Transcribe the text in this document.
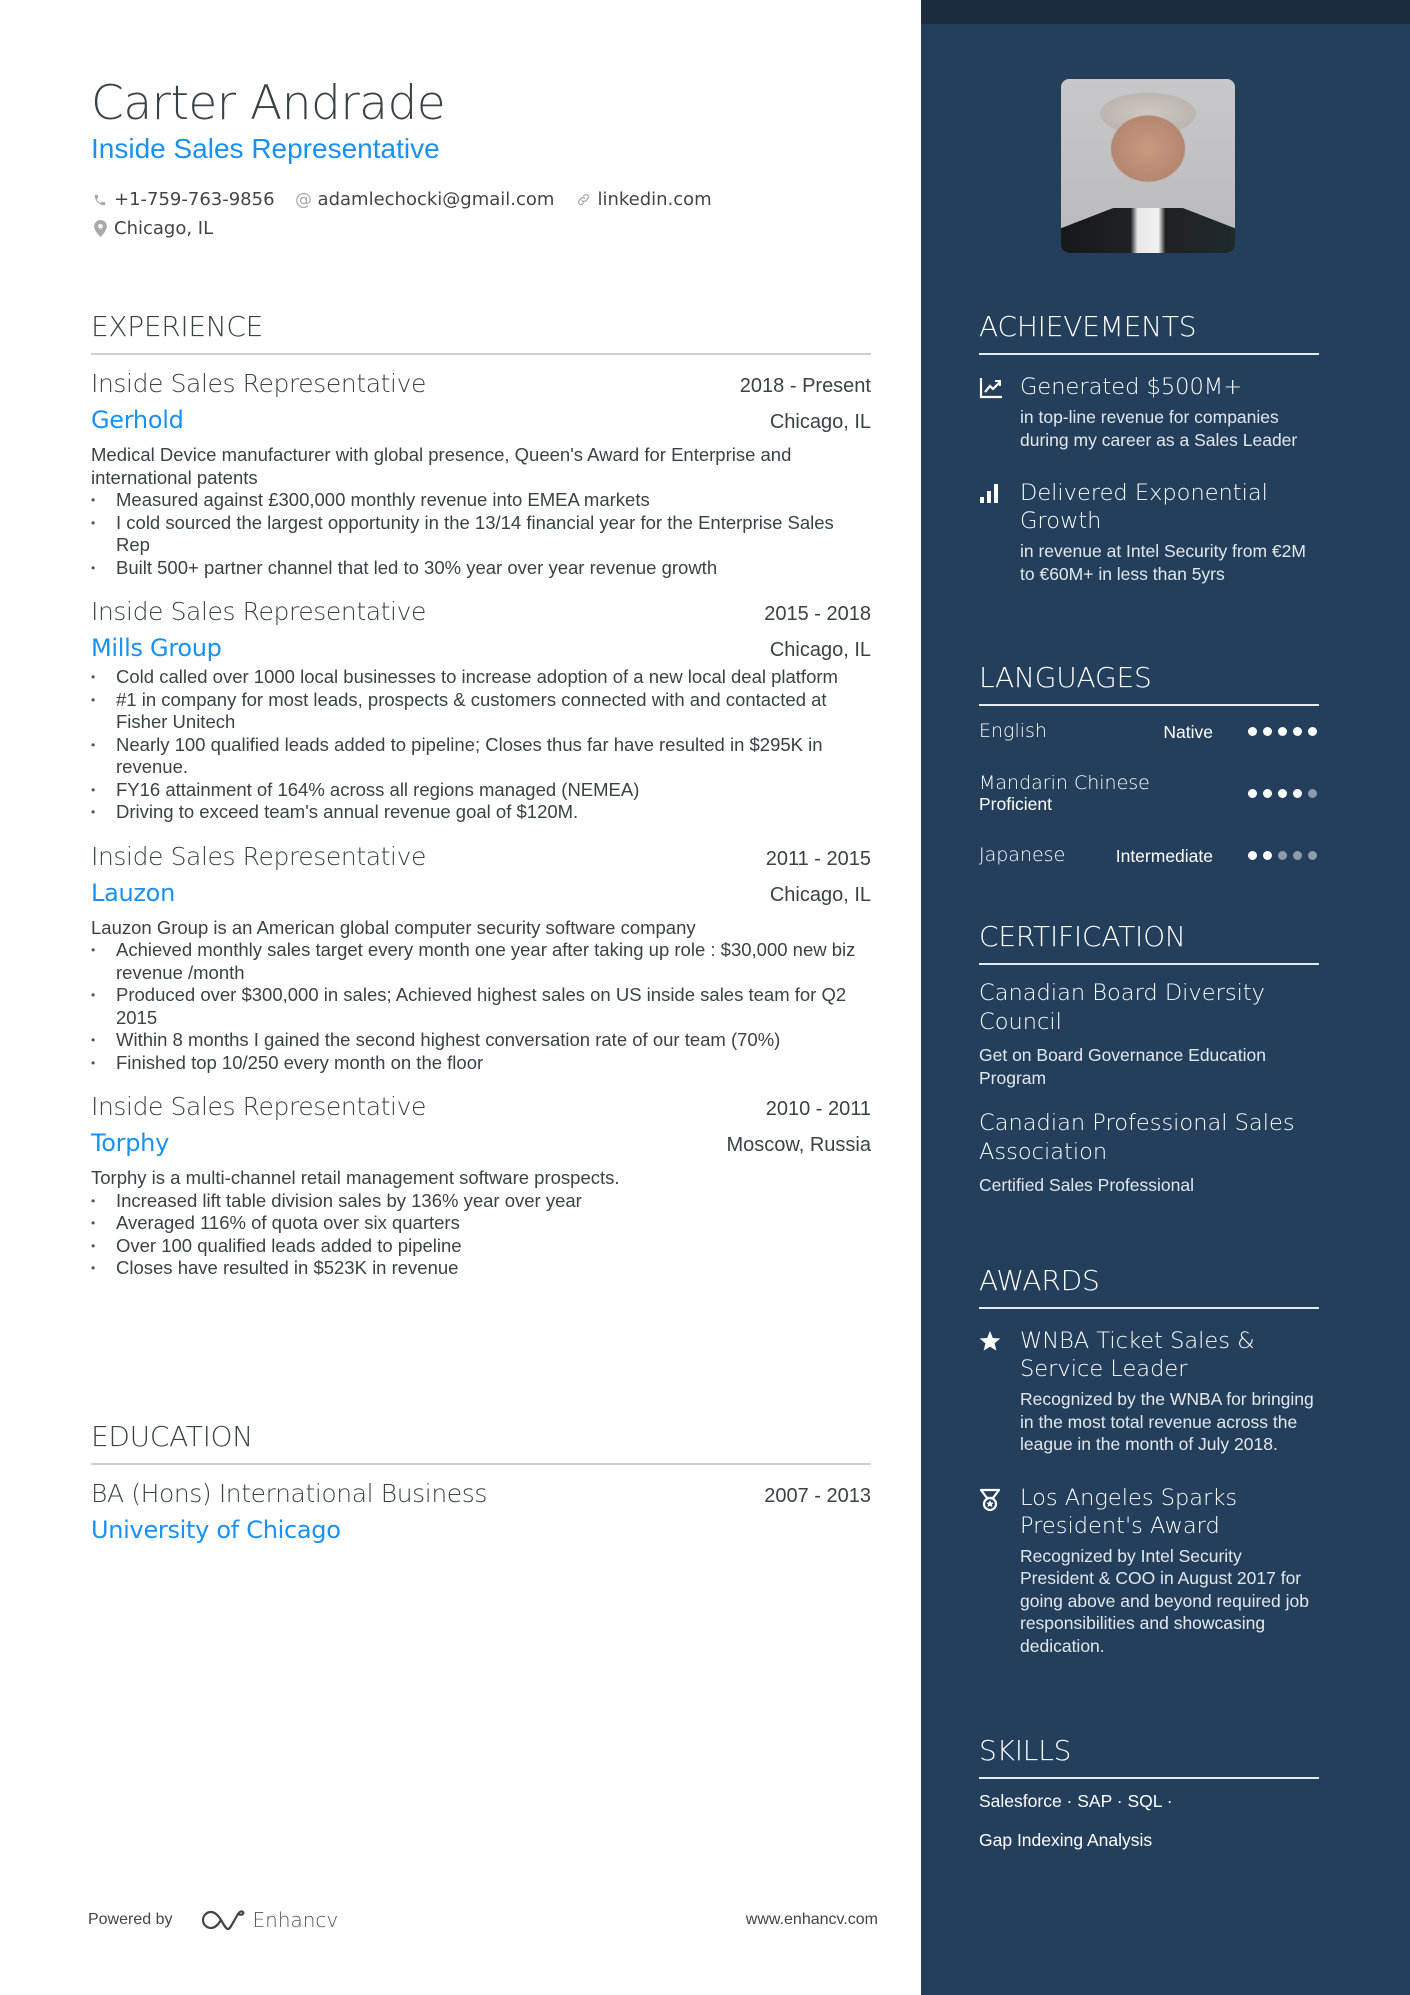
Carter Andrade
Inside Sales Representative
+1-759-763-9856 @ adamlechocki@gmail.com linkedin.com
Chicago, IL
EXPERIENCE
Inside Sales Representative	2018 - Present
Gerhold	Chicago, IL
Medical Device manufacturer with global presence, Queen's Award for Enterprise and international patents
• Measured against £300,000 monthly revenue into EMEA markets
• I cold sourced the largest opportunity in the 13/14 financial year for the Enterprise Sales Rep
• Built 500+ partner channel that led to 30% year over year revenue growth
Inside Sales Representative	2015 - 2018
Mills Group	Chicago, IL
• Cold called over 1000 local businesses to increase adoption of a new local deal platform
• #1 in company for most leads, prospects & customers connected with and contacted at Fisher Unitech
• Nearly 100 qualified leads added to pipeline; Closes thus far have resulted in $295K in revenue.
• FY16 attainment of 164% across all regions managed (NEMEA)
• Driving to exceed team's annual revenue goal of $120M.
Inside Sales Representative	2011 - 2015
Lauzon	Chicago, IL
Lauzon Group is an American global computer security software company
• Achieved monthly sales target every month one year after taking up role : $30,000 new biz revenue /month
• Produced over $300,000 in sales; Achieved highest sales on US inside sales team for Q2 2015
• Within 8 months I gained the second highest conversation rate of our team (70%)
• Finished top 10/250 every month on the floor
Inside Sales Representative	2010 - 2011
Torphy	Moscow, Russia
Torphy is a multi-channel retail management software prospects.
• Increased lift table division sales by 136% year over year
• Averaged 116% of quota over six quarters
• Over 100 qualified leads added to pipeline
• Closes have resulted in $523K in revenue
EDUCATION
BA (Hons) International Business	2007 - 2013
University of Chicago
Powered by	Enhancv	www.enhancv.com
ACHIEVEMENTS
Generated $500M+
in top-line revenue for companies during my career as a Sales Leader
Delivered Exponential Growth
in revenue at Intel Security from €2M to €60M+ in less than 5yrs
LANGUAGES
English	Native
Mandarin Chinese
Proficient
Japanese	Intermediate
CERTIFICATION
Canadian Board Diversity Council
Get on Board Governance Education Program
Canadian Professional Sales Association
Certified Sales Professional
AWARDS
WNBA Ticket Sales & Service Leader
Recognized by the WNBA for bringing in the most total revenue across the league in the month of July 2018.
Los Angeles Sparks President's Award
Recognized by Intel Security President & COO in August 2017 for going above and beyond required job responsibilities and showcasing dedication.
SKILLS
Salesforce · SAP · SQL ·
Gap Indexing Analysis
